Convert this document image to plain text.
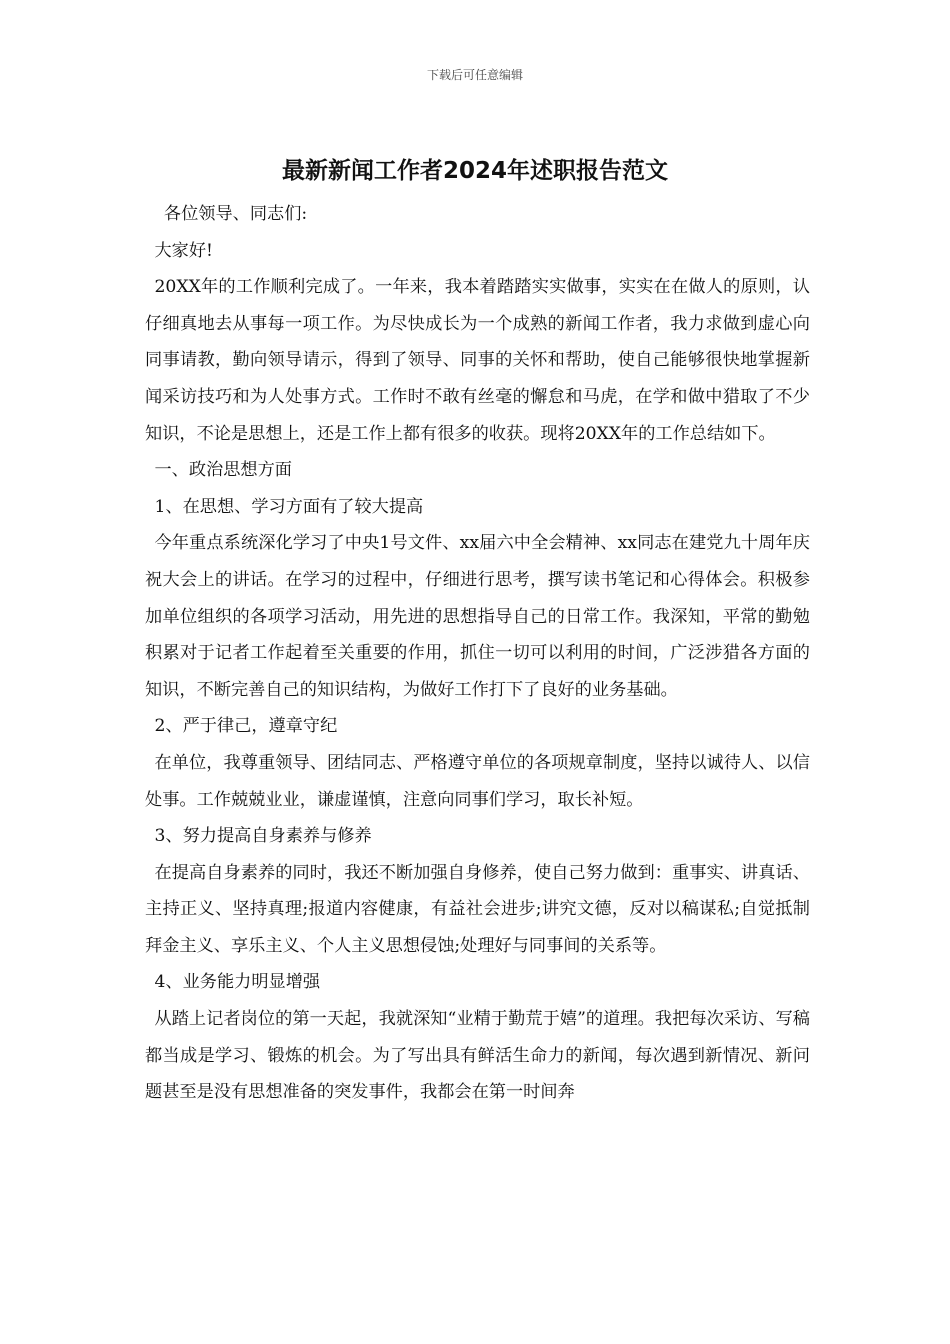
下载后可任意编辑
最新新闻工作者2024年述职报告范文

各位领导、同志们:

大家好!

20XX年的工作顺利完成了。一年来，我本着踏踏实实做事，实实在在做人的原则，认仔细真地去从事每一项工作。为尽快成长为一个成熟的新闻工作者，我力求做到虚心向同事请教，勤向领导请示，得到了领导、同事的关怀和帮助，使自己能够很快地掌握新闻采访技巧和为人处事方式。工作时不敢有丝毫的懈怠和马虎，在学和做中猎取了不少知识，不论是思想上，还是工作上都有很多的收获。现将20XX年的工作总结如下。

一、政治思想方面

1、在思想、学习方面有了较大提高

今年重点系统深化学习了中央1号文件、xx届六中全会精神、xx同志在建党九十周年庆祝大会上的讲话。在学习的过程中，仔细进行思考，撰写读书笔记和心得体会。积极参加单位组织的各项学习活动，用先进的思想指导自己的日常工作。我深知，平常的勤勉积累对于记者工作起着至关重要的作用，抓住一切可以利用的时间，广泛涉猎各方面的知识，不断完善自己的知识结构，为做好工作打下了良好的业务基础。

2、严于律己，遵章守纪

在单位，我尊重领导、团结同志、严格遵守单位的各项规章制度，坚持以诚待人、以信处事。工作兢兢业业，谦虚谨慎，注意向同事们学习，取长补短。

3、努力提高自身素养与修养

在提高自身素养的同时，我还不断加强自身修养，使自己努力做到：重事实、讲真话、主持正义、坚持真理;报道内容健康，有益社会进步;讲究文德，反对以稿谋私;自觉抵制拜金主义、享乐主义、个人主义思想侵蚀;处理好与同事间的关系等。

4、业务能力明显增强

从踏上记者岗位的第一天起，我就深知“业精于勤荒于嬉”的道理。我把每次采访、写稿都当成是学习、锻炼的机会。为了写出具有鲜活生命力的新闻，每次遇到新情况、新问题甚至是没有思想准备的突发事件，我都会在第一时间奔
